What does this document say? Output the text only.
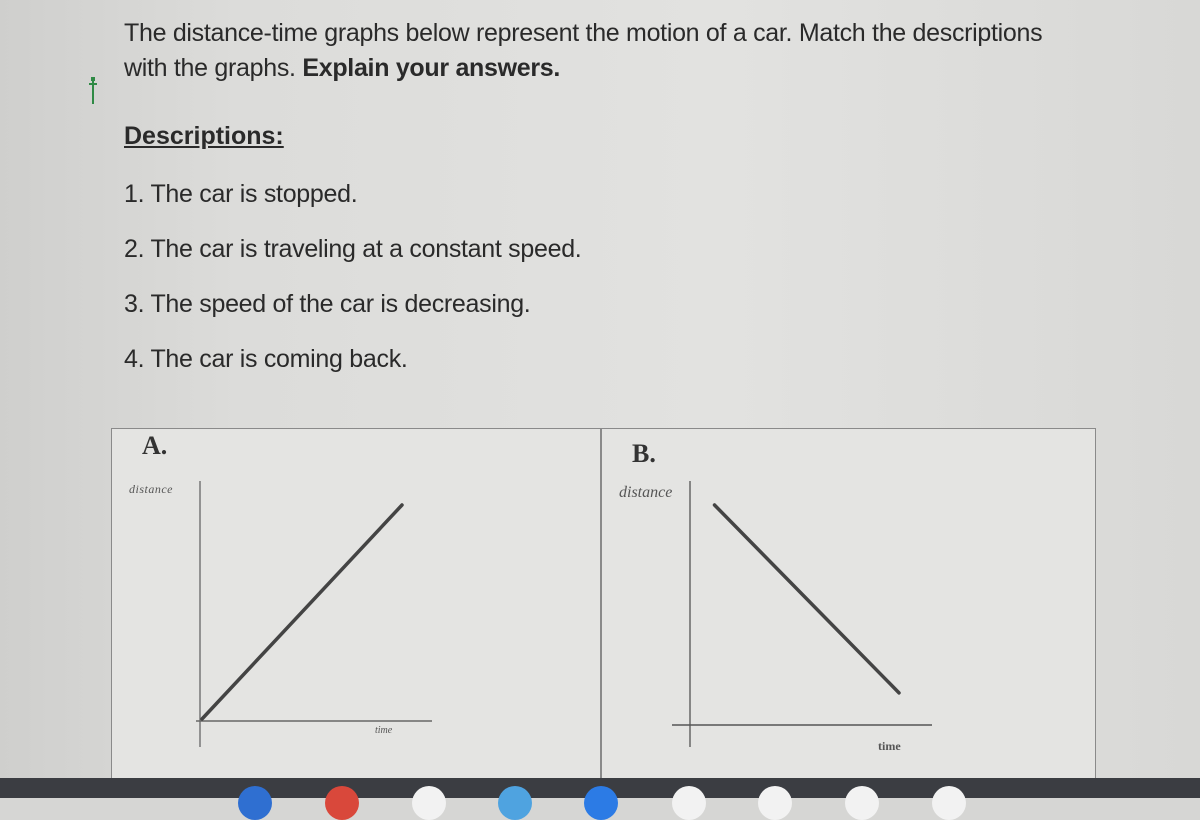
The distance-time graphs below represent the motion of a car. Match the descriptions with the graphs. Explain your answers.
Descriptions:
1. The car is stopped.
2. The car is traveling at a constant speed.
3. The speed of the car is decreasing.
4. The car is coming back.
A.
distance
time
B.
distance
time
